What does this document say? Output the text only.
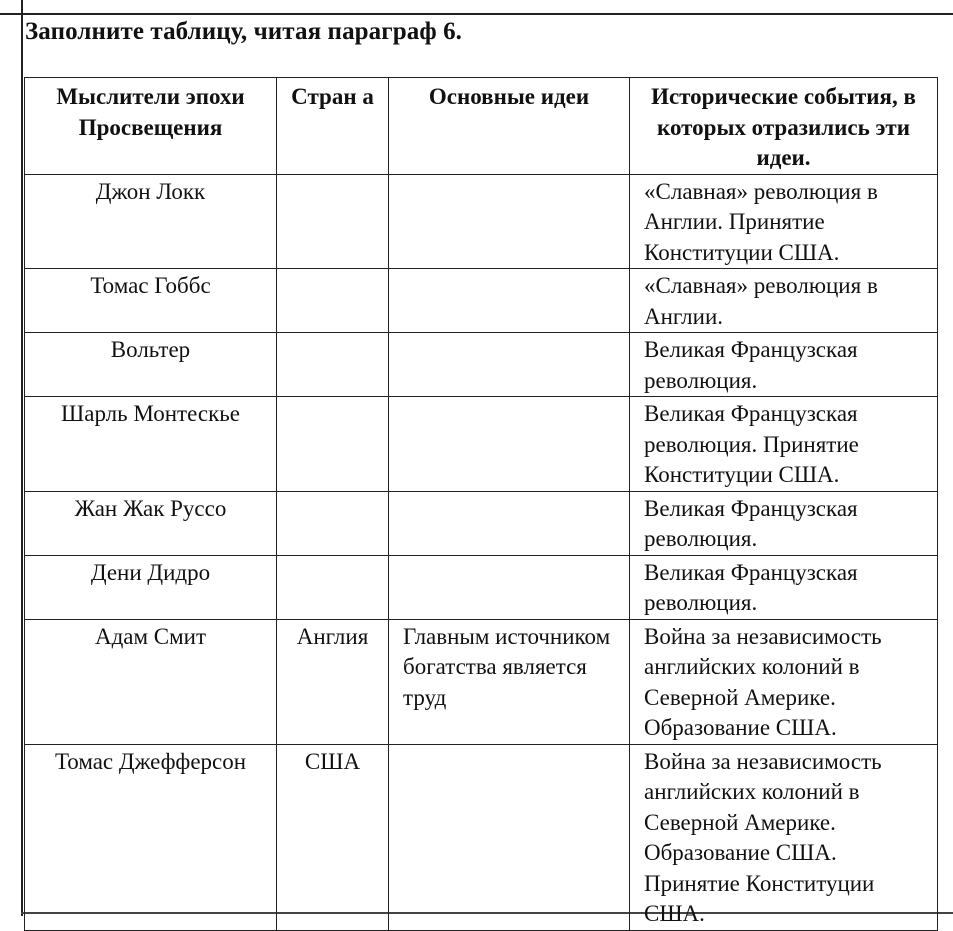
Заполните таблицу, читая параграф 6.
Мыслители эпохи Просвещения	Стран а	Основные идеи	Исторические события, в которых отразились эти идеи.
Джон Локк			«Славная» революция в Англии. Принятие Конституции США.
Томас Гоббс			«Славная» революция в Англии.
Вольтер			Великая Французская революция.
Шарль Монтескье			Великая Французская революция. Принятие Конституции США.
Жан Жак Руссо			Великая Французская революция.
Дени Дидро			Великая Французская революция.
Адам Смит	Англия	Главным источником богатства является труд	Война за независимость английских колоний в Северной Америке. Образование США.
Томас Джефферсон	США		Война за независимость английских колоний в Северной Америке. Образование США. Принятие Конституции США.
